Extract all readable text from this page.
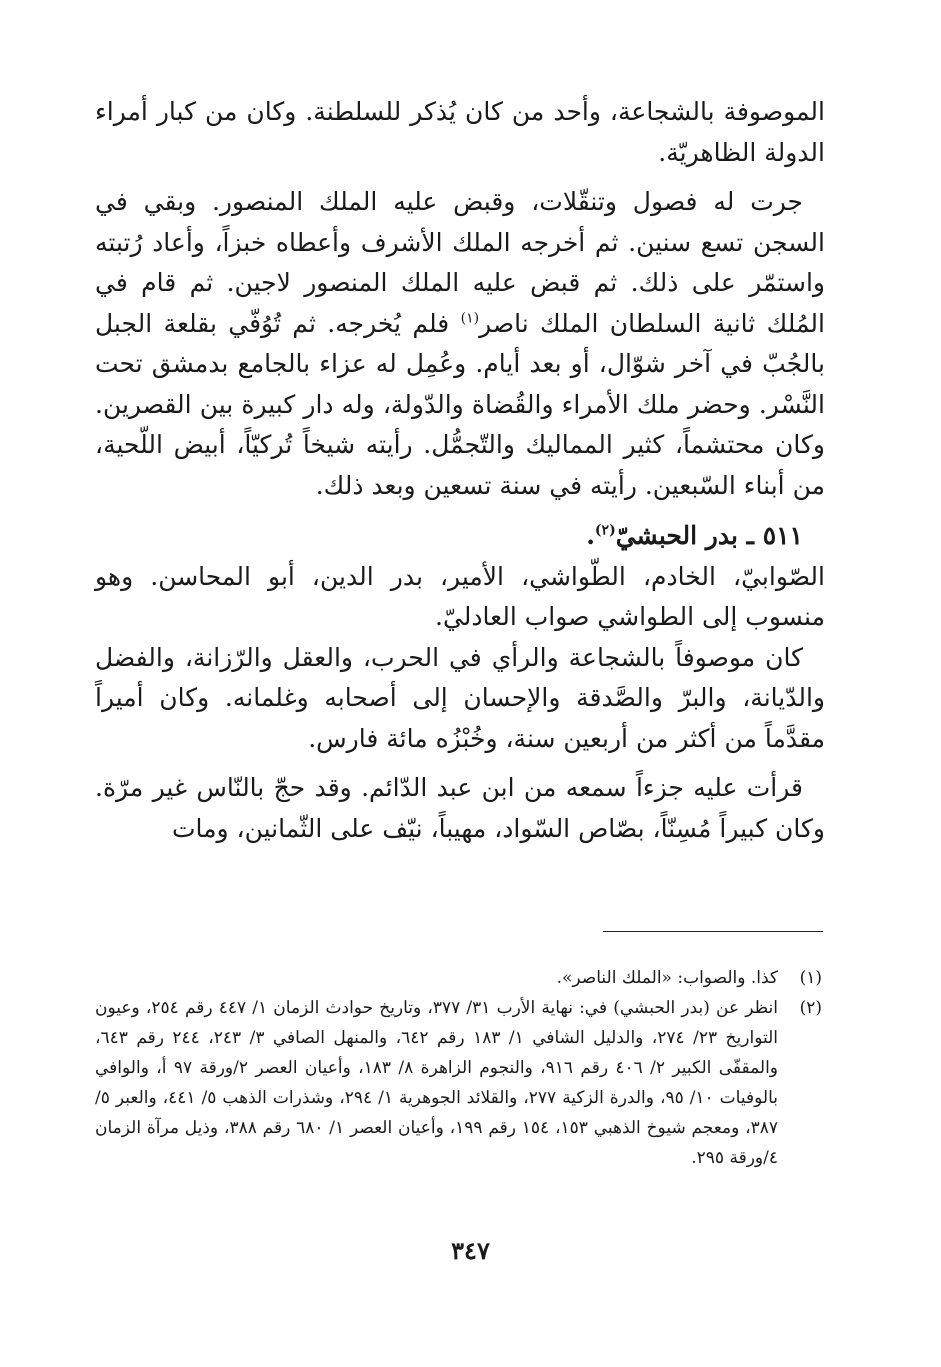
الموصوفة بالشجاعة، وأحد من كان يُذكر للسلطنة. وكان من كبار أمراء الدولة الظاهريّة.

جرت له فصول وتنقّلات، وقبض عليه الملك المنصور. وبقي في السجن تسع سنين. ثم أخرجه الملك الأشرف وأعطاه خبزاً، وأعاد رُتبته واستمّر على ذلك. ثم قبض عليه الملك المنصور لاجين. ثم قام في المُلك ثانية السلطان الملك ناصر$^{(١)}$ فلم يُخرجه. ثم تُوُفّي بقلعة الجبل بالجُبّ في آخر شوّال، أو بعد أيام. وعُمِل له عزاء بالجامع بدمشق تحت النَّسْر. وحضر ملك الأمراء والقُضاة والدّولة، وله دار كبيرة بين القصرين. وكان محتشماً، كثير المماليك والتّجمُّل. رأيته شيخاً تُركيّاً، أبيض اللّحية، من أبناء السّبعين. رأيته في سنة تسعين وبعد ذلك.

٥١١ ـ بدر الحبشيّ$^{(٢)}$.

الصّوابيّ، الخادم، الطّواشي، الأمير، بدر الدين، أبو المحاسن. وهو منسوب إلى الطواشي صواب العادليّ.

كان موصوفاً بالشجاعة والرأي في الحرب، والعقل والرّزانة، والفضل والدّيانة، والبرّ والصَّدقة والإحسان إلى أصحابه وغلمانه. وكان أميراً مقدَّماً من أكثر من أربعين سنة، وخُبْزُه مائة فارس.

قرأت عليه جزءاً سمعه من ابن عبد الدّائم. وقد حجّ بالنّاس غير مرّة. وكان كبيراً مُسِنّاً، بصّاص السّواد، مهيباً، نيّف على الثّمانين، ومات

(١)
كذا. والصواب: «الملك الناصر».
(٢)
انظر عن (بدر الحبشي) في: نهاية الأرب ٣١/ ٣٧٧، وتاريخ حوادث الزمان ١/ ٤٤٧ رقم ٢٥٤، وعيون التواريخ ٢٣/ ٢٧٤، والدليل الشافي ١/ ١٨٣ رقم ٦٤٢، والمنهل الصافي ٣/ ٢٤٣، ٢٤٤ رقم ٦٤٣، والمقفّى الكبير ٢/ ٤٠٦ رقم ٩١٦، والنجوم الزاهرة ٨/ ١٨٣، وأعيان العصر ٢/ورقة ٩٧ أ، والوافي بالوفيات ١٠/ ٩٥، والدرة الزكية ٢٧٧، والقلائد الجوهرية ١/ ٢٩٤، وشذرات الذهب ٥/ ٤٤١، والعبر ٥/ ٣٨٧، ومعجم شيوخ الذهبي ١٥٣، ١٥٤ رقم ١٩٩، وأعيان العصر ١/ ٦٨٠ رقم ٣٨٨، وذيل مرآة الزمان ٤/ورقة ٢٩٥.
٣٤٧
